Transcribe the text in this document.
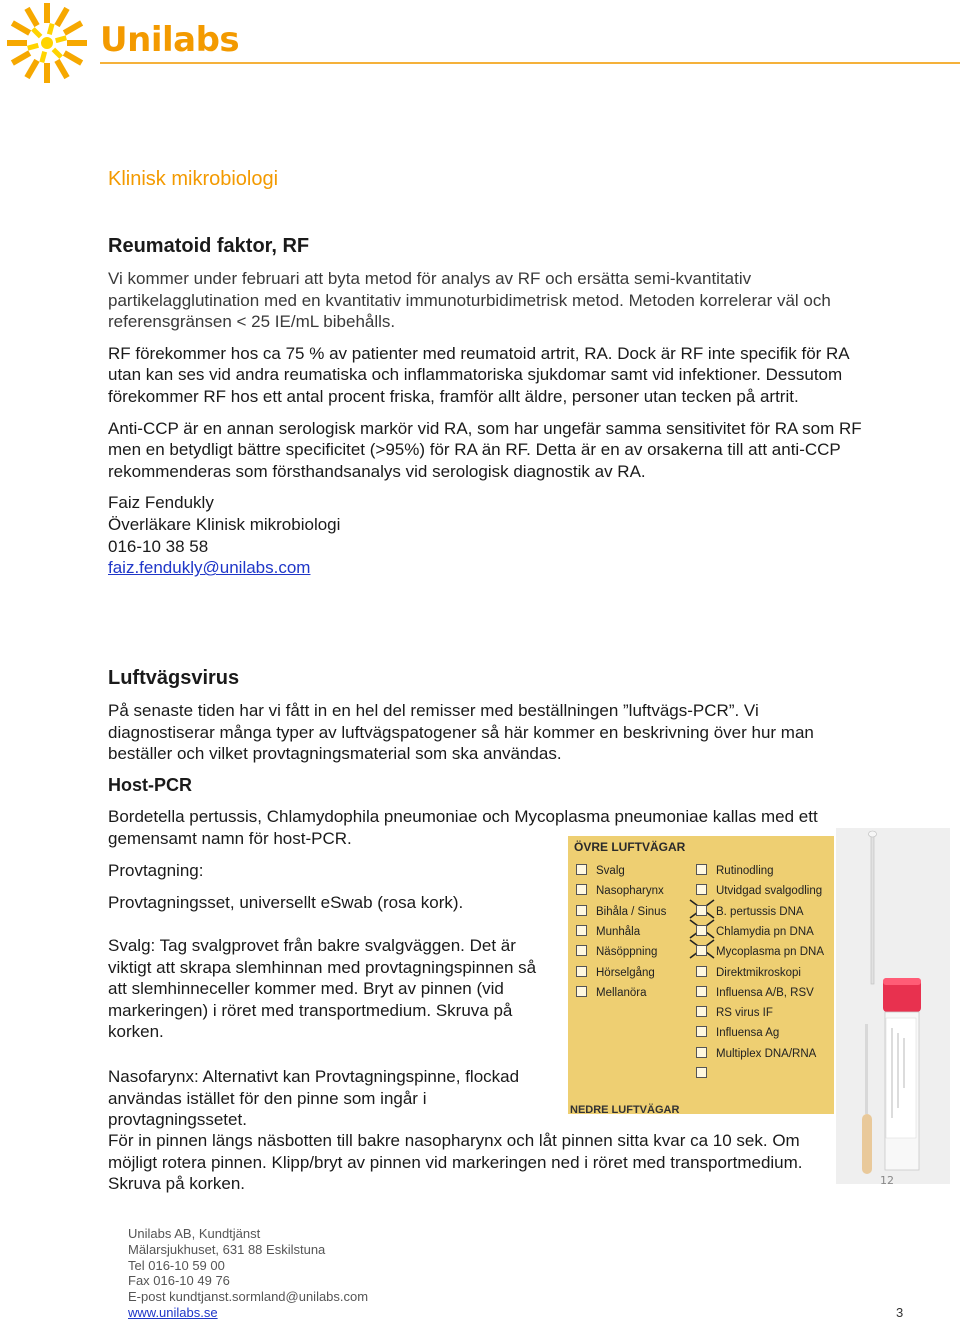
Unilabs
Klinisk mikrobiologi
Reumatoid faktor, RF

Vi kommer under februari att byta metod för analys av RF och ersätta semi-kvantitativ partikelagglutination med en kvantitativ immunoturbidimetrisk metod. Metoden korrelerar väl och referensgränsen < 25 IE/mL bibehålls.

RF förekommer hos ca 75 % av patienter med reumatoid artrit, RA. Dock är RF inte specifik för RA utan kan ses vid andra reumatiska och inflammatoriska sjukdomar samt vid infektioner. Dessutom förekommer RF hos ett antal procent friska, framför allt äldre, personer utan tecken på artrit.

Anti-CCP är en annan serologisk markör vid RA, som har ungefär samma sensitivitet för RA som RF men en betydligt bättre specificitet (>95%) för RA än RF. Detta är en av orsakerna till att anti-CCP rekommenderas som försthandsanalys vid serologisk diagnostik av RA.

Faiz Fendukly
Överläkare Klinisk mikrobiologi
016-10 38 58
faiz.fendukly@unilabs.com

Luftvägsvirus
På senaste tiden har vi fått in en hel del remisser med beställningen ”luftvägs-PCR”. Vi diagnostiserar många typer av luftvägspatogener så här kommer en beskrivning över hur man beställer och vilket provtagningsmaterial som ska användas.
Host-PCR
Bordetella pertussis, Chlamydophila pneumoniae och Mycoplasma pneumoniae kallas med ett gemensamt namn för host-PCR.
Provtagning:
Provtagningsset, universellt eSwab (rosa kork).
Svalg: Tag svalgprovet från bakre svalgväggen. Det är viktigt att skrapa slemhinnan med provtagningspinnen så att slemhinneceller kommer med. Bryt av pinnen (vid markeringen) i röret med transportmedium. Skruva på korken.
Nasofarynx: Alternativt kan Provtagningspinne, flockad användas istället för den pinne som ingår i provtagningssetet.
För in pinnen längs näsbotten till bakre nasopharynx och låt pinnen sitta kvar ca 10 sek. Om möjligt rotera pinnen. Klipp/bryt av pinnen vid markeringen ned i röret med transportmedium. Skruva på korken.
ÖVRE LUFTVÄGAR
NEDRE LUFTVÄGAR
Svalg
Nasopharynx
Bihåla / Sinus
Munhåla
Näsöppning
Hörselgång
Mellanöra
Rutinodling
Utvidgad svalgodling
B. pertussis DNA
Chlamydia pn DNA
Mycoplasma pn DNA
Direktmikroskopi
Influensa A/B, RSV
RS virus IF
Influensa Ag
Multiplex DNA/RNA
12
Unilabs AB, Kundtjänst
Mälarsjukhuset, 631 88 Eskilstuna
Tel 016-10 59 00
Fax 016-10 49 76
E-post kundtjanst.sormland@unilabs.com
www.unilabs.se	3
